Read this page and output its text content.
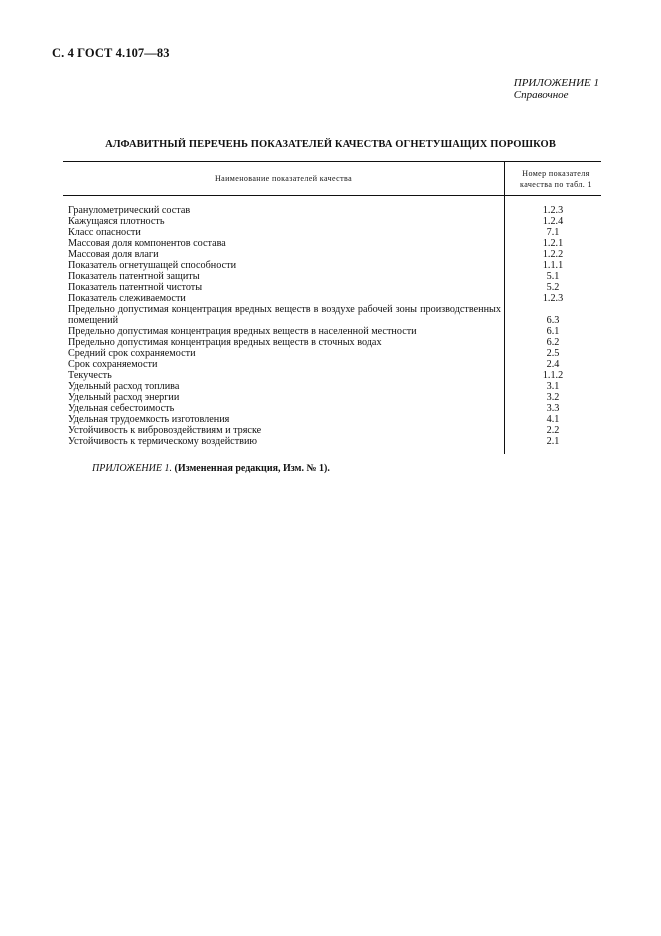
С. 4 ГОСТ 4.107—83
ПРИЛОЖЕНИЕ 1
Справочное
АЛФАВИТНЫЙ ПЕРЕЧЕНЬ ПОКАЗАТЕЛЕЙ КАЧЕСТВА ОГНЕТУШАЩИХ ПОРОШКОВ
Наименование показателей качества	Номер показателя
качества по табл. 1

Гранулометрический состав	1.2.3
Кажущаяся плотность	1.2.4
Класс опасности	7.1
Массовая доля компонентов состава	1.2.1
Массовая доля влаги	1.2.2
Показатель огнетушащей способности	1.1.1
Показатель патентной защиты	5.1
Показатель патентной чистоты	5.2
Показатель слеживаемости	1.2.3
Предельно допустимая концентрация вредных веществ в воздухе рабочей зоны производственных помещений	6.3
Предельно допустимая концентрация вредных веществ в населенной местности	6.1
Предельно допустимая концентрация вредных веществ в сточных водах	6.2
Средний срок сохраняемости	2.5
Срок сохраняемости	2.4
Текучесть	1.1.2
Удельный расход топлива	3.1
Удельный расход энергии	3.2
Удельная себестоимость	3.3
Удельная трудоемкость изготовления	4.1
Устойчивость к вибровоздействиям и тряске	2.2
Устойчивость к термическому воздействию	2.1
ПРИЛОЖЕНИЕ 1. (Измененная редакция, Изм. № 1).
